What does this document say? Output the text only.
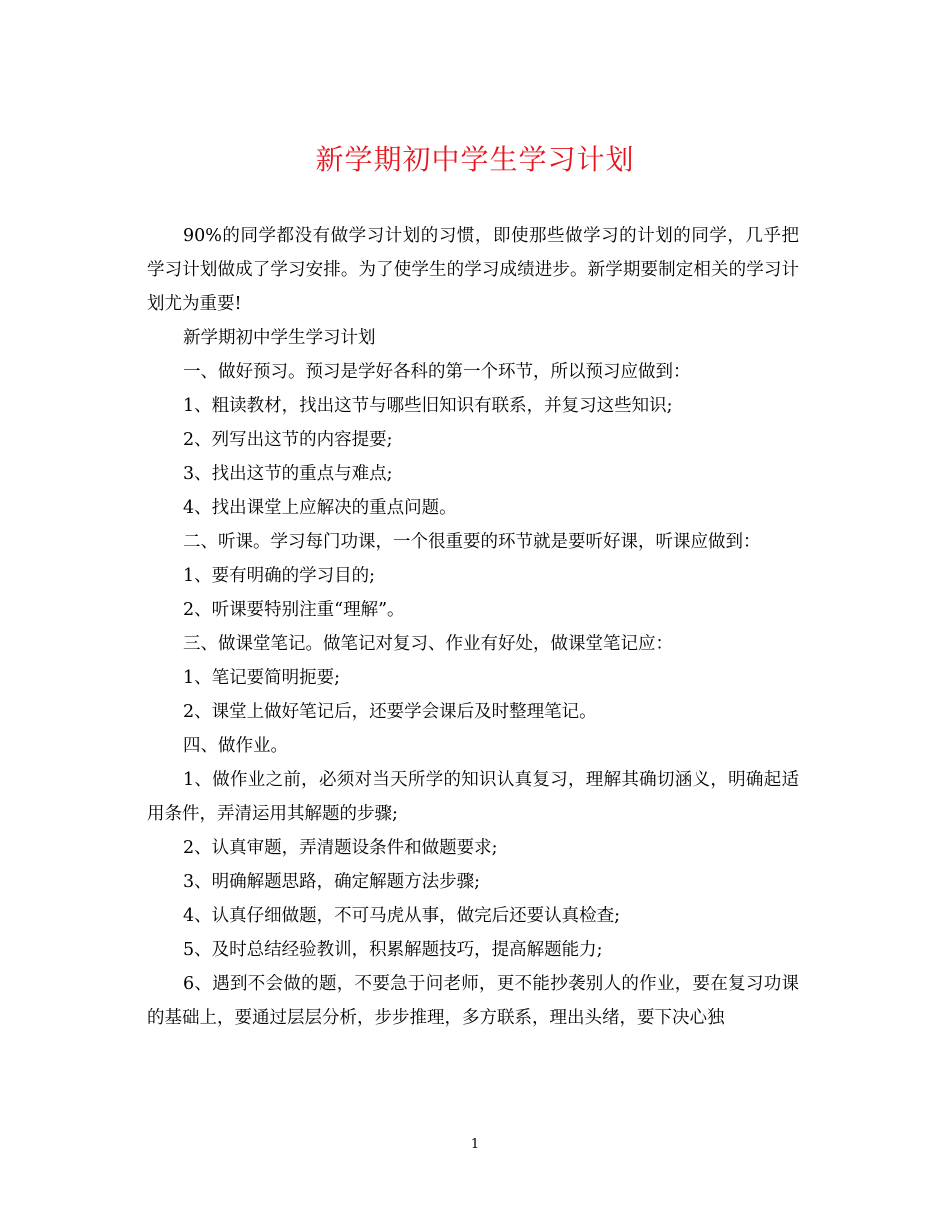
新学期初中学生学习计划

90%的同学都没有做学习计划的习惯，即使那些做学习的计划的同学，几乎把学习计划做成了学习安排。为了使学生的学习成绩进步。新学期要制定相关的学习计划尤为重要!

新学期初中学生学习计划

一、做好预习。预习是学好各科的第一个环节，所以预习应做到：

1、粗读教材，找出这节与哪些旧知识有联系，并复习这些知识;

2、列写出这节的内容提要;

3、找出这节的重点与难点;

4、找出课堂上应解决的重点问题。

二、听课。学习每门功课，一个很重要的环节就是要听好课，听课应做到：

1、要有明确的学习目的;

2、听课要特别注重“理解”。

三、做课堂笔记。做笔记对复习、作业有好处，做课堂笔记应：

1、笔记要简明扼要;

2、课堂上做好笔记后，还要学会课后及时整理笔记。

四、做作业。

1、做作业之前，必须对当天所学的知识认真复习，理解其确切涵义，明确起适用条件，弄清运用其解题的步骤;

2、认真审题，弄清题设条件和做题要求;

3、明确解题思路，确定解题方法步骤;

4、认真仔细做题，不可马虎从事，做完后还要认真检查;

5、及时总结经验教训，积累解题技巧，提高解题能力;

6、遇到不会做的题，不要急于问老师，更不能抄袭别人的作业，要在复习功课的基础上，要通过层层分析，步步推理，多方联系，理出头绪，要下决心独

1
